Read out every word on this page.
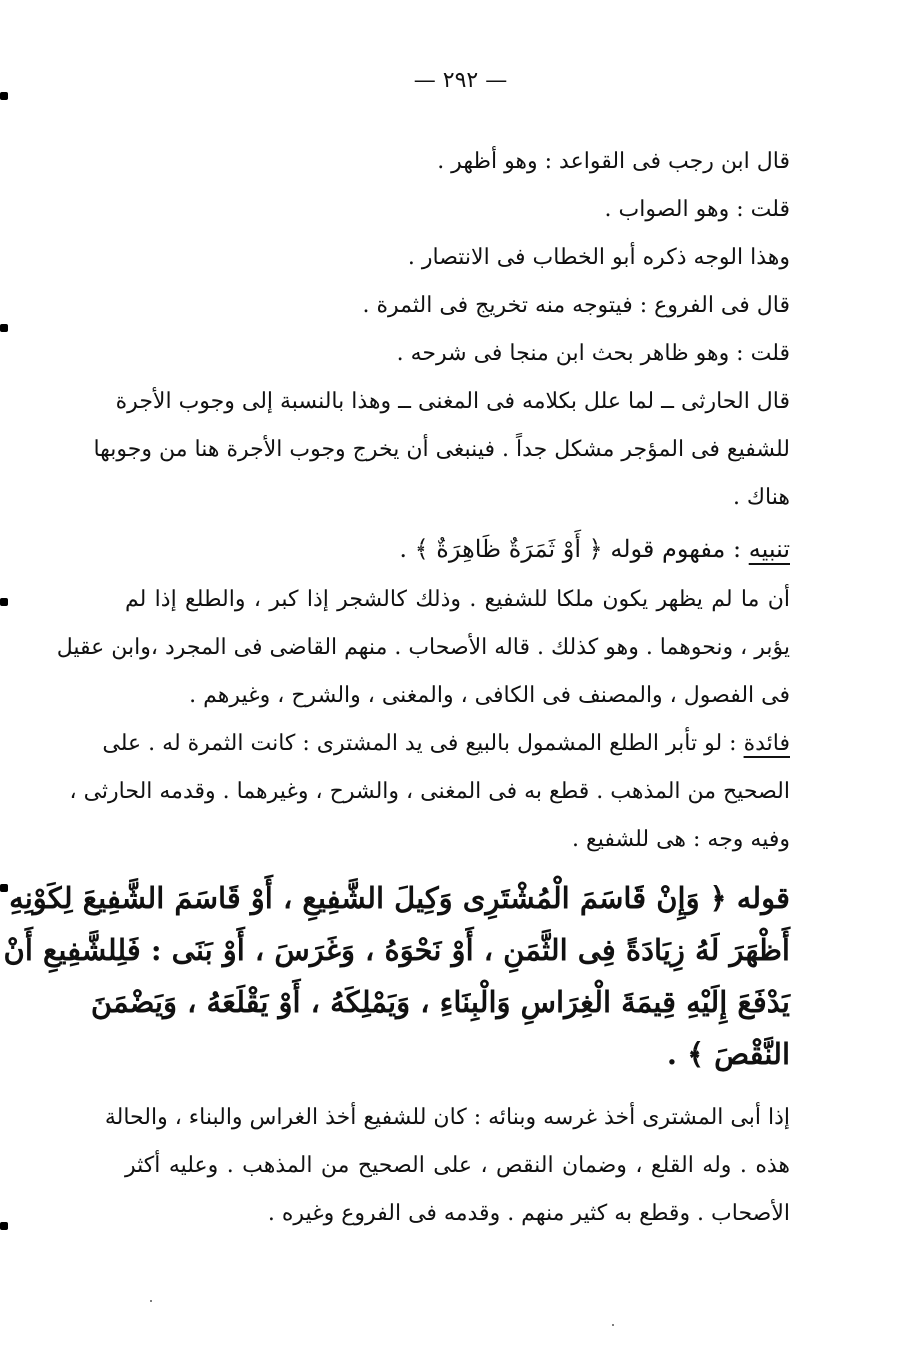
— ٢٩٢ —
قال ابن رجب فى القواعد : وهو أظهر .
قلت : وهو الصواب .
وهذا الوجه ذكره أبو الخطاب فى الانتصار .
قال فى الفروع : فيتوجه منه تخريج فى الثمرة .
قلت : وهو ظاهر بحث ابن منجا فى شرحه .
قال الحارثى ــ لما علل بكلامه فى المغنى ــ وهذا بالنسبة إلى وجوب الأجرة
للشفيع فى المؤجر مشكل جداً . فينبغى أن يخرج وجوب الأجرة هنا من وجوبها
هناك .
تنبيه : مفهوم قوله ﴿ أَوْ ثَمَرَةٌ ظَاهِرَةٌ ﴾ .
أن ما لم يظهر يكون ملكا للشفيع . وذلك كالشجر إذا كبر ، والطلع إذا لم
يؤبر ، ونحوهما . وهو كذلك . قاله الأصحاب . منهم القاضى فى المجرد ،وابن عقيل
فى الفصول ، والمصنف فى الكافى ، والمغنى ، والشرح ، وغيرهم .
فائدة : لو تأبر الطلع المشمول بالبيع فى يد المشترى : كانت الثمرة له . على
الصحيح من المذهب . قطع به فى المغنى ، والشرح ، وغيرهما . وقدمه الحارثى ،
وفيه وجه : هى للشفيع .
قوله ﴿ وَإِنْ قَاسَمَ الْمُشْتَرِى وَكِيلَ الشَّفِيعِ ، أَوْ قَاسَمَ الشَّفِيعَ لِكَوْنِهِ
أَظْهَرَ لَهُ زِيَادَةً فِى الثَّمَنِ ، أَوْ نَحْوَهُ ، وَغَرَسَ ، أَوْ بَنَى : فَلِلشَّفِيعِ أَنْ
يَدْفَعَ إِلَيْهِ قِيمَةَ الْغِرَاسِ وَالْبِنَاءِ ، وَيَمْلِكَهُ ، أَوْ يَقْلَعَهُ ، وَيَضْمَنَ
النَّقْصَ ﴾ .
إذا أبى المشترى أخذ غرسه وبنائه : كان للشفيع أخذ الغراس والبناء ، والحالة
هذه . وله القلع ، وضمان النقص ، على الصحيح من المذهب . وعليه أكثر
الأصحاب . وقطع به كثير منهم . وقدمه فى الفروع وغيره .
